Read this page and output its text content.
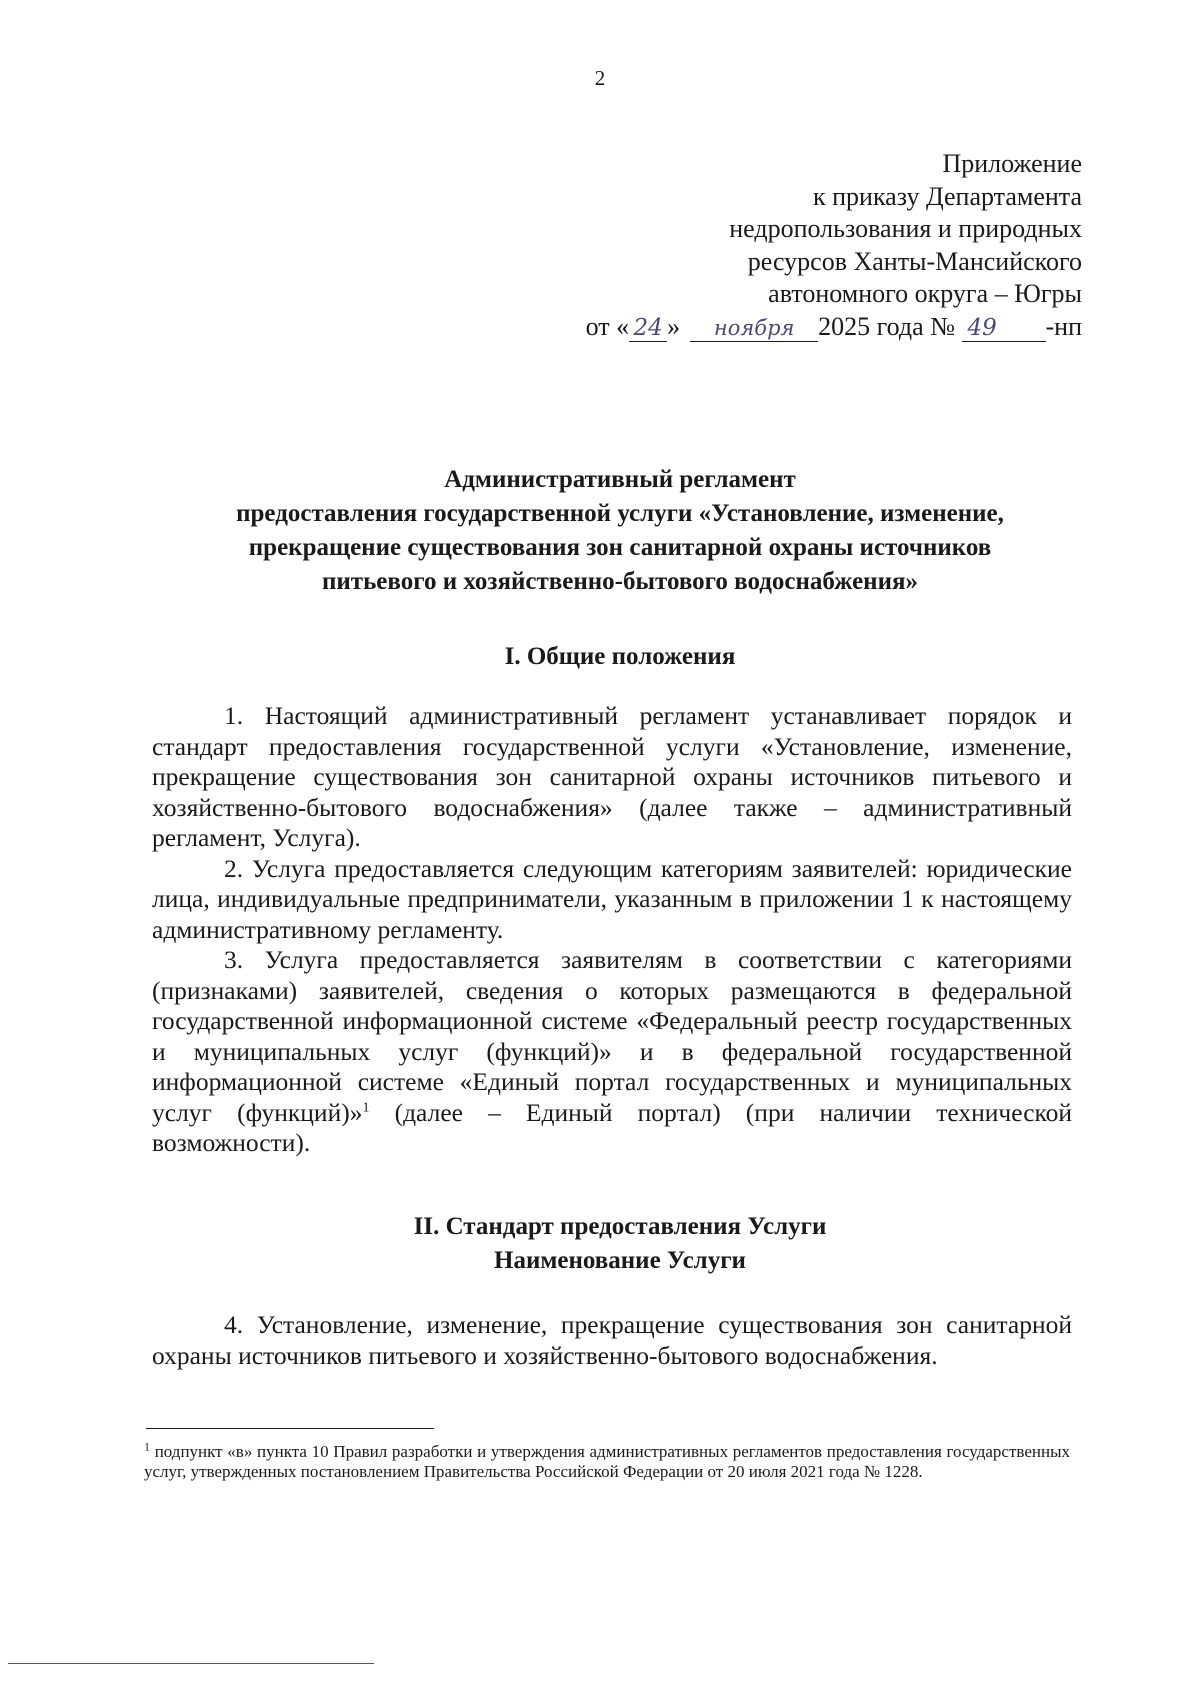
2
Приложение
к приказу Департамента
недропользования и природных
ресурсов Ханты-Мансийского
автономного округа – Югры
от « 24 » ноября 2025 года № 49 -нп
Административный регламент
предоставления государственной услуги «Установление, изменение,
прекращение существования зон санитарной охраны источников
питьевого и хозяйственно-бытового водоснабжения»
I. Общие положения

1. Настоящий административный регламент устанавливает порядок и стандарт предоставления государственной услуги «Установление, изменение, прекращение существования зон санитарной охраны источников питьевого и хозяйственно-бытового водоснабжения» (далее также – административный регламент, Услуга).

2. Услуга предоставляется следующим категориям заявителей: юридические лица, индивидуальные предприниматели, указанным в приложении 1 к настоящему административному регламенту.

3. Услуга предоставляется заявителям в соответствии с категориями (признаками) заявителей, сведения о которых размещаются в федеральной государственной информационной системе «Федеральный реестр государственных и муниципальных услуг (функций)» и в федеральной государственной информационной системе «Единый портал государственных и муниципальных услуг (функций)»$^1$ (далее – Единый портал) (при наличии технической возможности).

II. Стандарт предоставления Услуги
Наименование Услуги

4. Установление, изменение, прекращение существования зон санитарной охраны источников питьевого и хозяйственно-бытового водоснабжения.

$^1$ подпункт «в» пункта 10 Правил разработки и утверждения административных регламентов предоставления государственных услуг, утвержденных постановлением Правительства Российской Федерации от 20 июля 2021 года № 1228.
